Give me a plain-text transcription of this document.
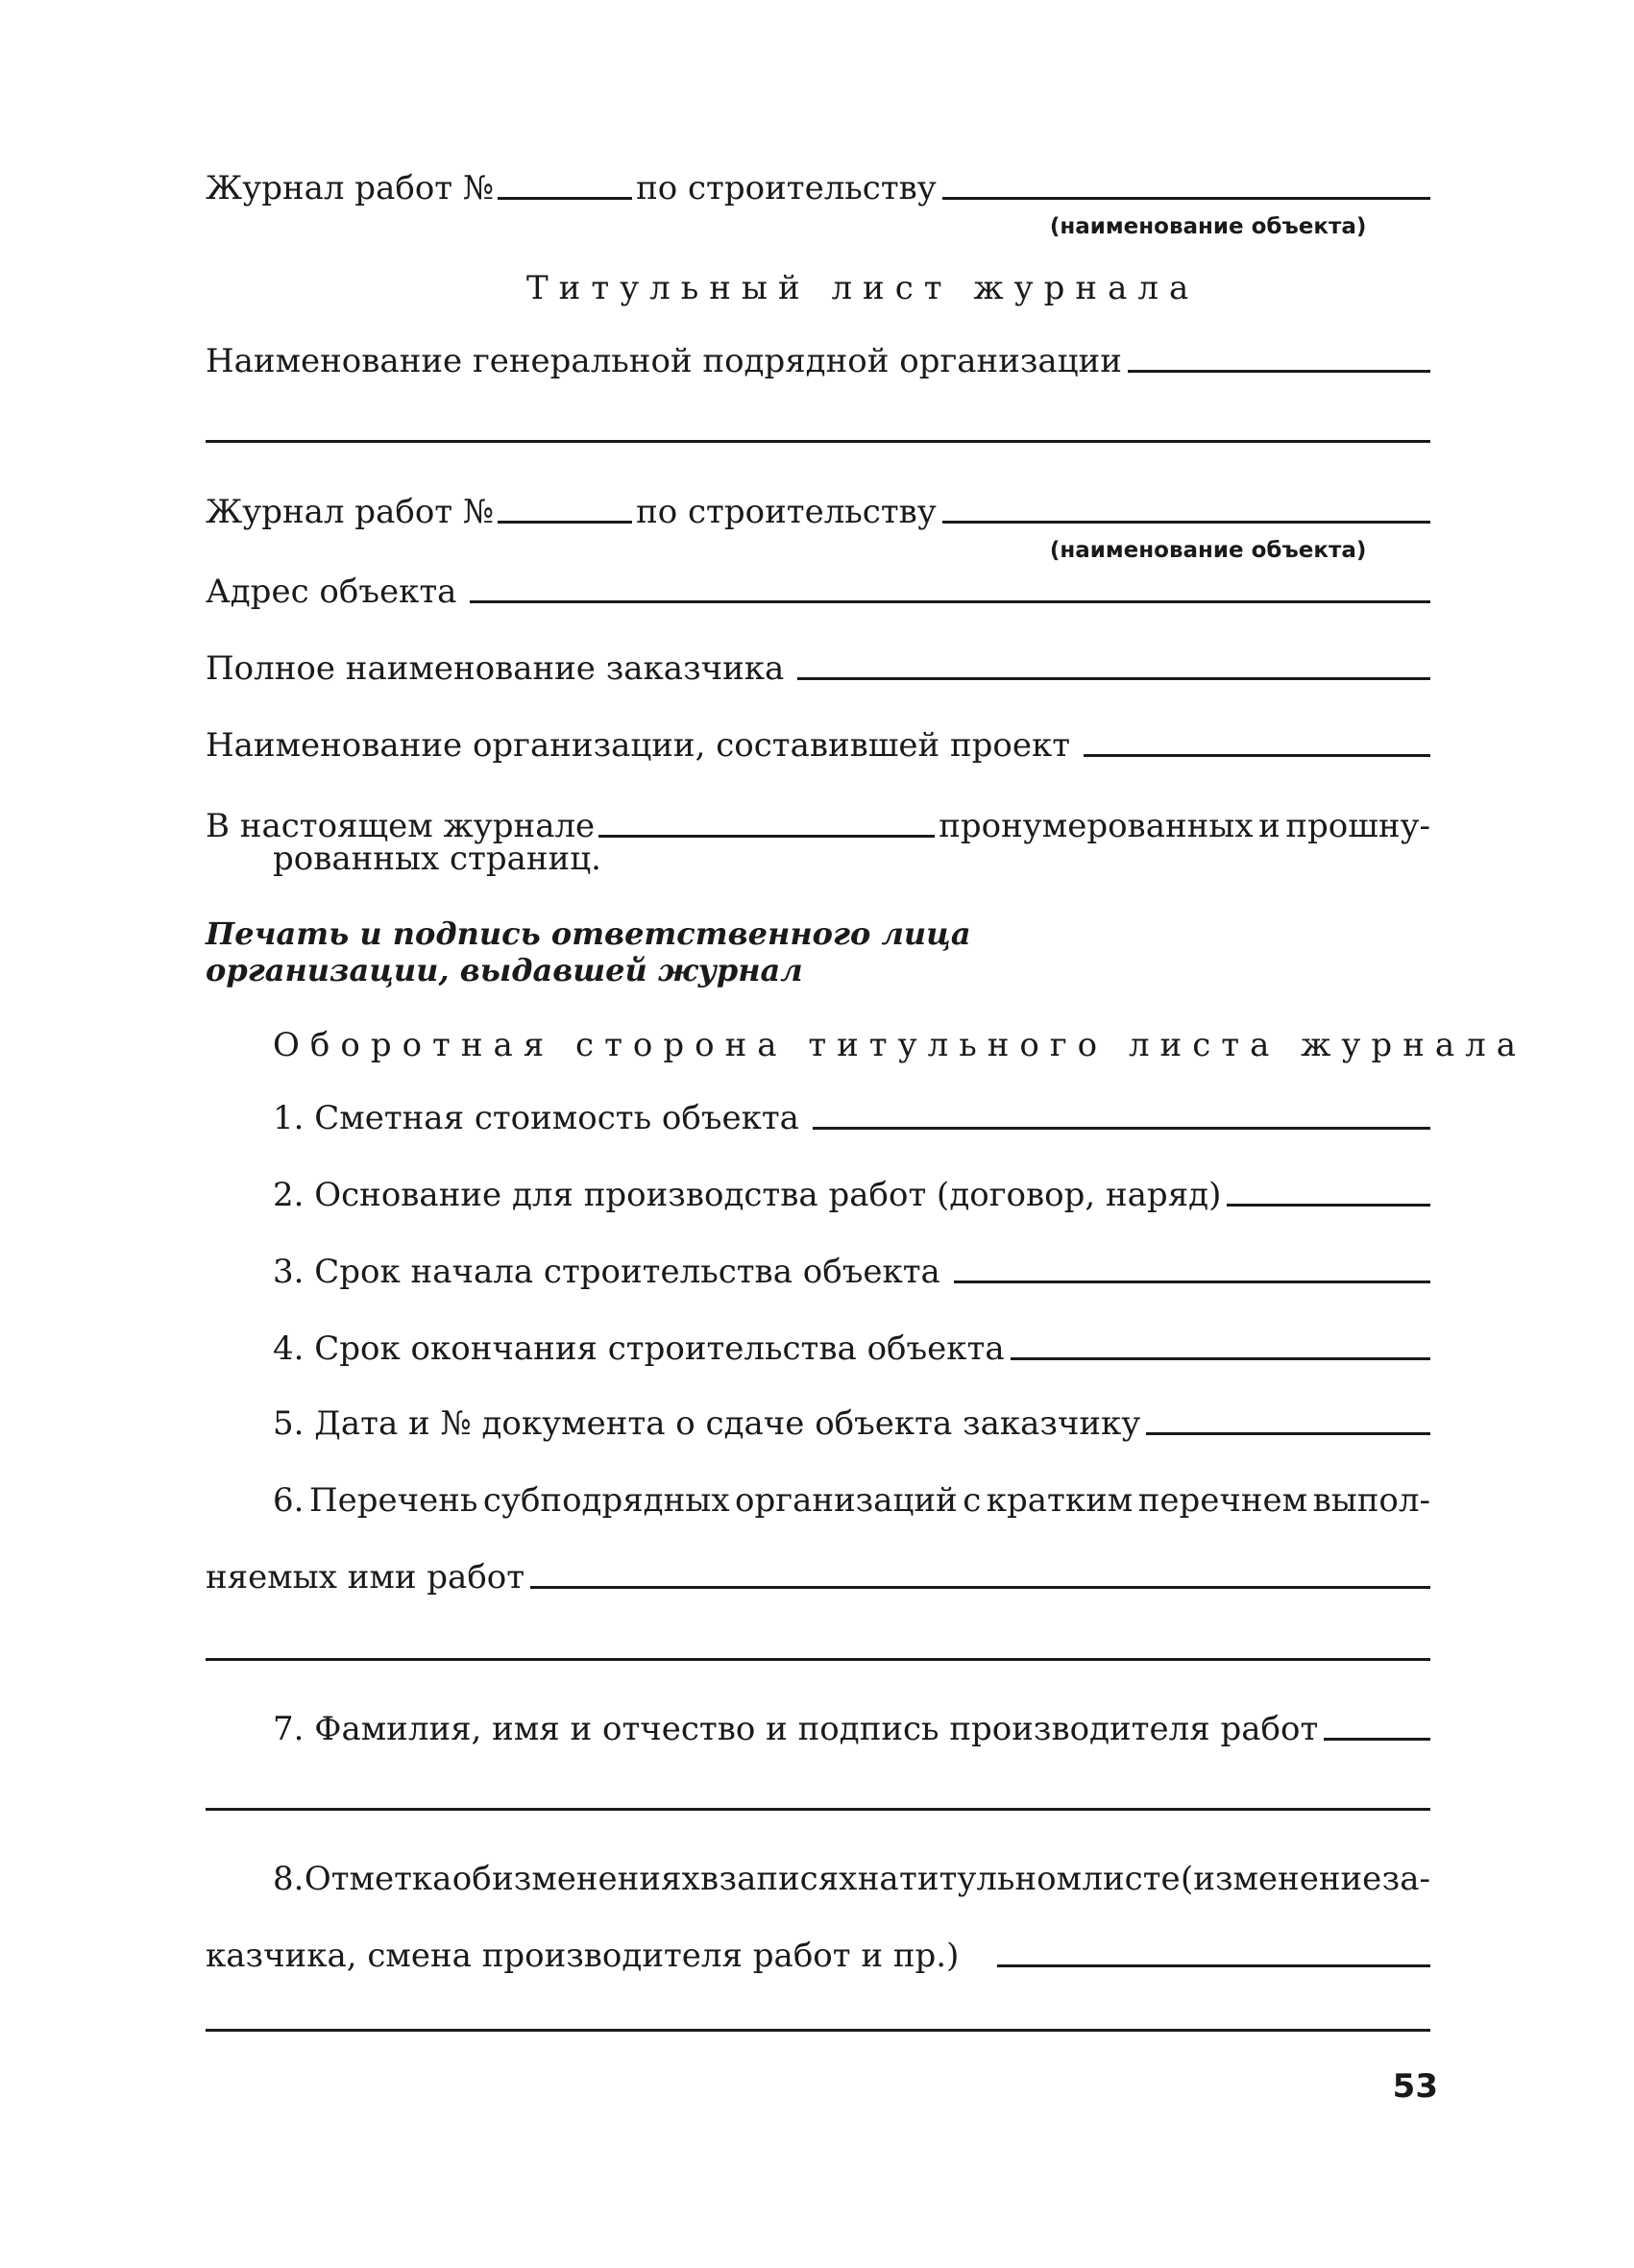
Журнал работ №	по строительству
(наименование объекта)
Титульный лист журнала
Наименование генеральной подрядной организации
Журнал работ №	по строительству
(наименование объекта)
Адрес объекта
Полное наименование заказчика
Наименование организации, составившей проект
В настоящем журнале	пронумерованных и прошну-
рованных страниц.
Печать и подпись ответственного лица
организации, выдавшей журнал
Оборотная сторона титульного листа журнала
1. Сметная стоимость объекта
2. Основание для производства работ (договор, наряд)
3. Срок начала строительства объекта
4. Срок окончания строительства объекта
5. Дата и № документа о сдаче объекта заказчику
6. Перечень субподрядных организаций с кратким перечнем выпол-
няемых ими работ
7. Фамилия, имя и отчество и подпись производителя работ
8. Отметка об изменениях в записях на титульном листе (изменение за-
казчика, смена производителя работ и пр.)
53
